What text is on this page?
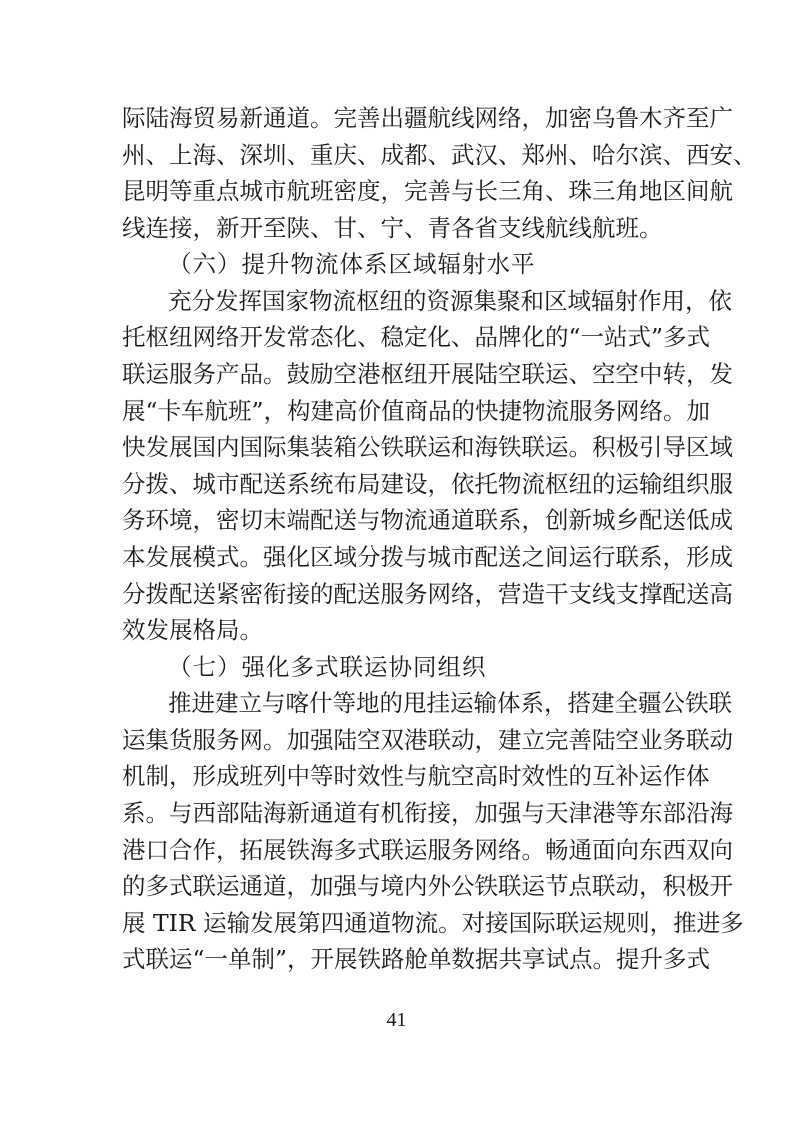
际陆海贸易新通道。完善出疆航线网络，加密乌鲁木齐至广
州、上海、深圳、重庆、成都、武汉、郑州、哈尔滨、西安、
昆明等重点城市航班密度，完善与长三角、珠三角地区间航
线连接，新开至陕、甘、宁、青各省支线航线航班。
（六）提升物流体系区域辐射水平
充分发挥国家物流枢纽的资源集聚和区域辐射作用，依
托枢纽网络开发常态化、稳定化、品牌化的“一站式”多式
联运服务产品。鼓励空港枢纽开展陆空联运、空空中转，发
展“卡车航班”，构建高价值商品的快捷物流服务网络。加
快发展国内国际集装箱公铁联运和海铁联运。积极引导区域
分拨、城市配送系统布局建设，依托物流枢纽的运输组织服
务环境，密切末端配送与物流通道联系，创新城乡配送低成
本发展模式。强化区域分拨与城市配送之间运行联系，形成
分拨配送紧密衔接的配送服务网络，营造干支线支撑配送高
效发展格局。
（七）强化多式联运协同组织
推进建立与喀什等地的甩挂运输体系，搭建全疆公铁联
运集货服务网。加强陆空双港联动，建立完善陆空业务联动
机制，形成班列中等时效性与航空高时效性的互补运作体
系。与西部陆海新通道有机衔接，加强与天津港等东部沿海
港口合作，拓展铁海多式联运服务网络。畅通面向东西双向
的多式联运通道，加强与境内外公铁联运节点联动，积极开
展 TIR 运输发展第四通道物流。对接国际联运规则，推进多
式联运“一单制”，开展铁路舱单数据共享试点。提升多式
41
